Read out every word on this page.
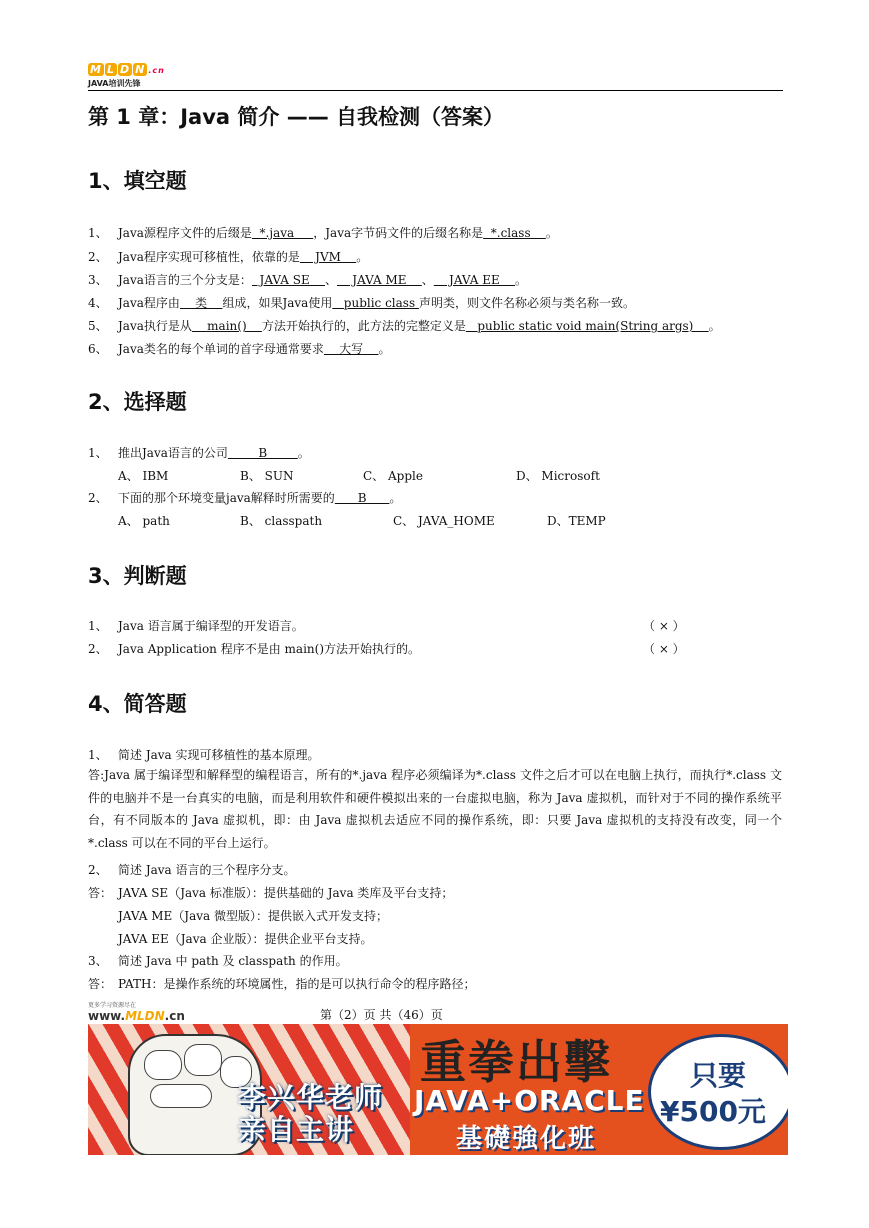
M L D N .cn
JAVA培训先锋
第 1 章：Java 简介 —— 自我检测（答案）
1、填空题
1、 Java源程序文件的后缀是  *.java     ，Java字节码文件的后缀名称是  *.class    。
2、 Java程序实现可移植性，依靠的是    JVM    。
3、 Java语言的三个分支是：  JAVA SE    、    JAVA ME    、    JAVA EE    。
4、 Java程序由    类    组成，如果Java使用   public class 声明类，则文件名称必须与类名称一致。
5、 Java执行是从    main()    方法开始执行的，此方法的完整定义是   public static void main(String args)    。
6、 Java类名的每个单词的首字母通常要求    大写    。
2、选择题
1、 推出Java语言的公司        B        。
A、 IBM	B、 SUN	C、 Apple	D、 Microsoft
2、 下面的那个环境变量java解释时所需要的      B      。
A、 path	B、 classpath	C、 JAVA_HOME	D、TEMP
3、判断题
1、 Java 语言属于编译型的开发语言。	（ × ）
2、 Java Application 程序不是由 main()方法开始执行的。	（ × ）
4、简答题
1、 简述 Java 实现可移植性的基本原理。
答:Java 属于编译型和解释型的编程语言，所有的*.java 程序必须编译为*.class 文件之后才可以在电脑上执行，而执行*.class 文件的电脑并不是一台真实的电脑，而是利用软件和硬件模拟出来的一台虚拟电脑，称为 Java 虚拟机，而针对于不同的操作系统平台，有不同版本的 Java 虚拟机，即：由 Java 虚拟机去适应不同的操作系统，即：只要 Java 虚拟机的支持没有改变，同一个*.class 可以在不同的平台上运行。
2、 简述 Java 语言的三个程序分支。
答： JAVA SE（Java 标准版）：提供基础的 Java 类库及平台支持；
JAVA ME（Java 微型版）：提供嵌入式开发支持；
JAVA EE（Java 企业版）：提供企业平台支持。
3、 简述 Java 中 path 及 classpath 的作用。
答： PATH：是操作系统的环境属性，指的是可以执行命令的程序路径；
更多学习资源尽在
www.MLDN.cn	第（2）页 共（46）页
李兴华老师
亲自主讲
重拳出擊
JAVA+ORACLE
基礎強化班
只要
¥500元
